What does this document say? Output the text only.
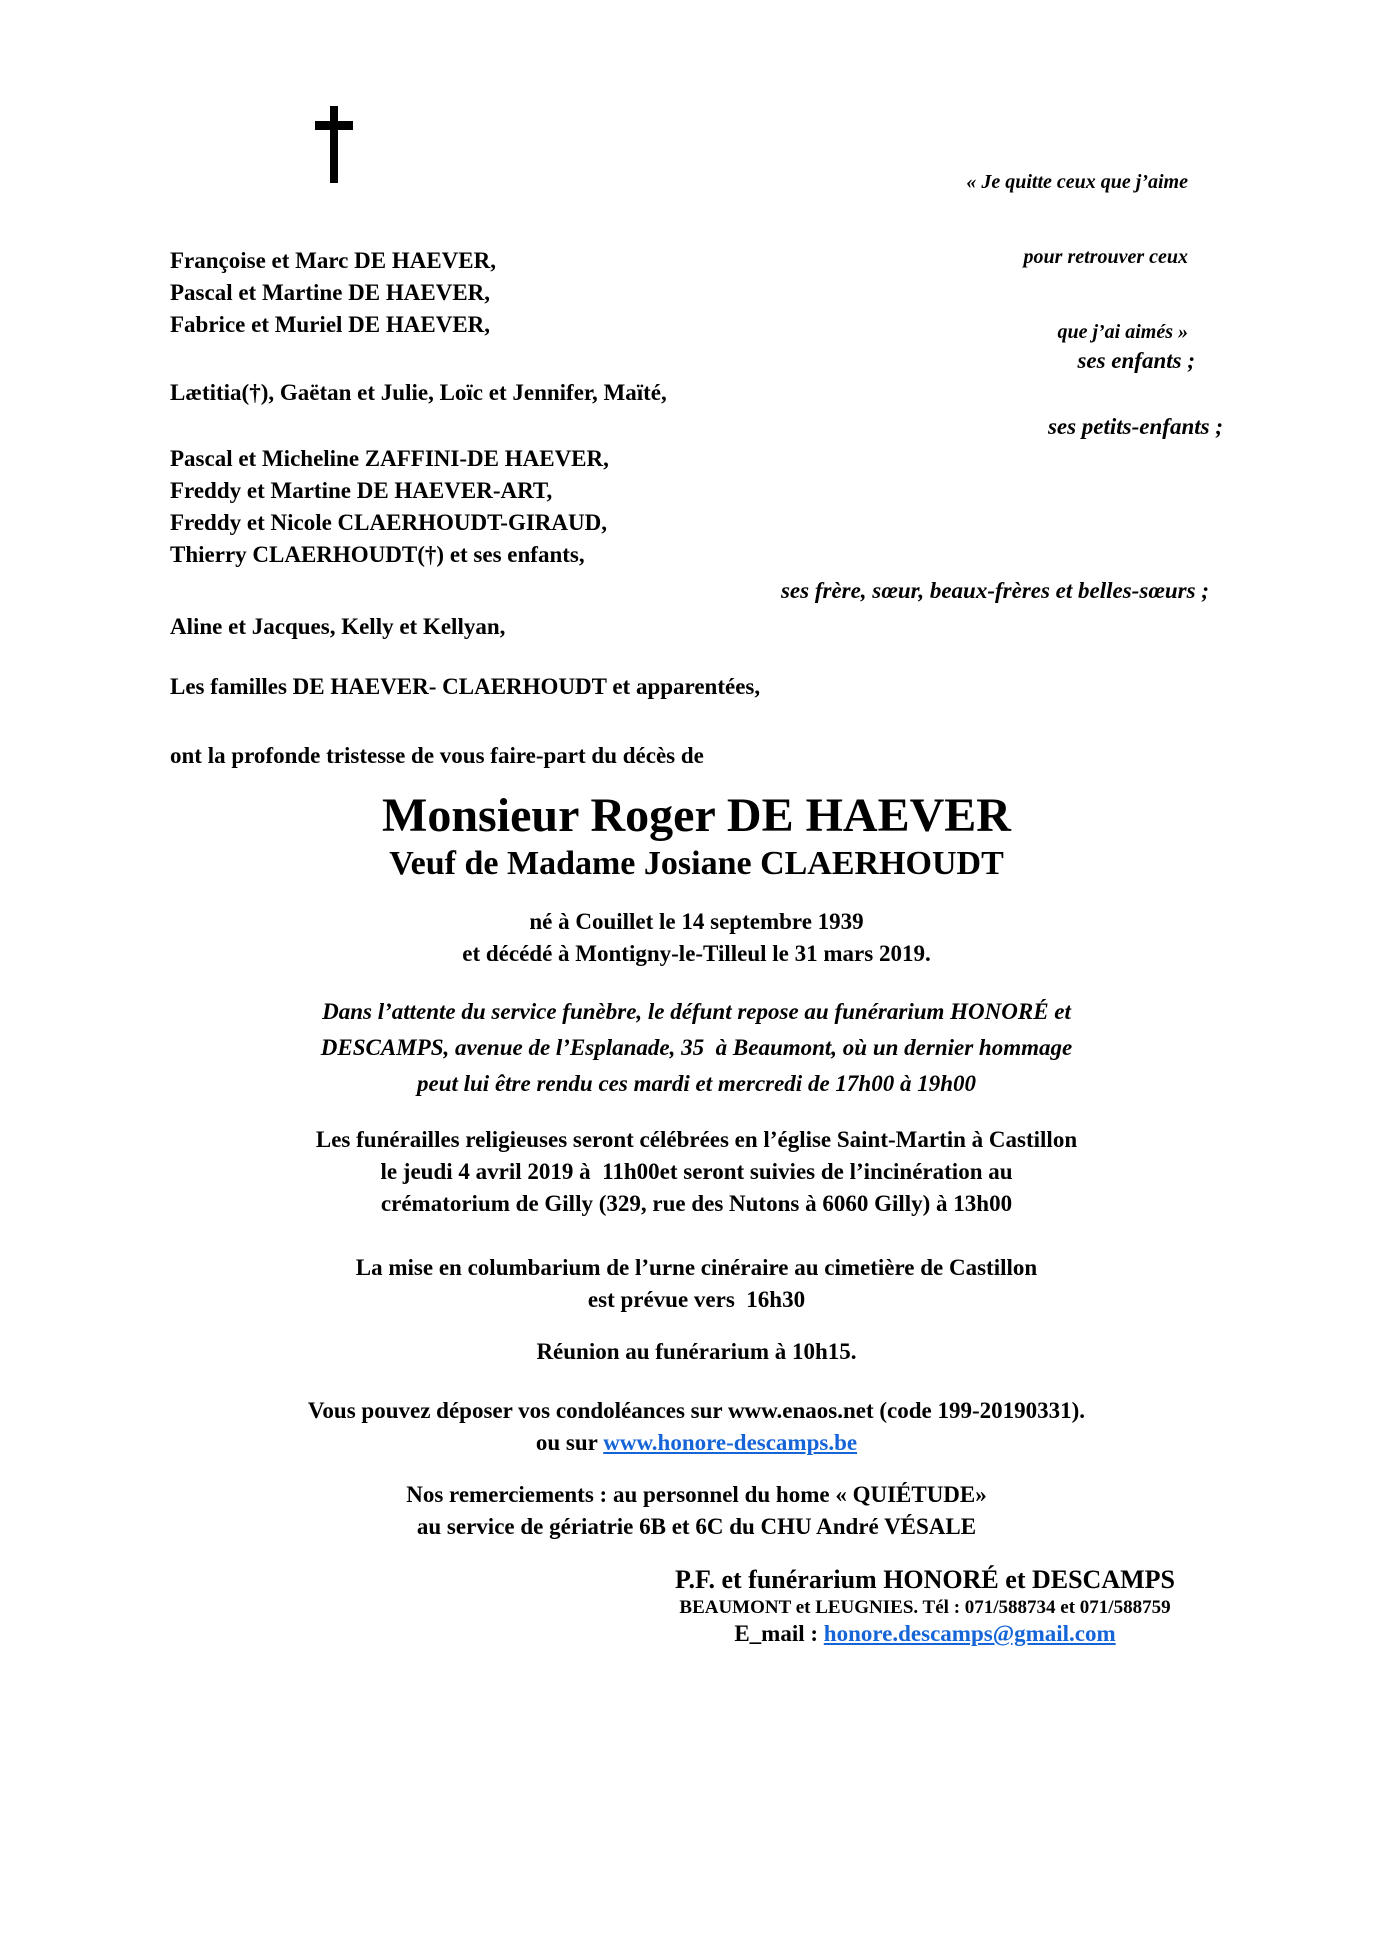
« Je quitte ceux que j’aime

pour retrouver ceux

que j’ai aimés »

Françoise et Marc DE HAEVER,
Pascal et Martine DE HAEVER,
Fabrice et Muriel DE HAEVER,
ses enfants ;
Lætitia(†), Gaëtan et Julie, Loïc et Jennifer, Maïté,
ses petits-enfants ;
Pascal et Micheline ZAFFINI-DE HAEVER,
Freddy et Martine DE HAEVER-ART,
Freddy et Nicole CLAERHOUDT-GIRAUD,
Thierry CLAERHOUDT(†) et ses enfants,
ses frère, sœur, beaux-frères et belles-sœurs ;
Aline et Jacques, Kelly et Kellyan,
Les familles DE HAEVER- CLAERHOUDT et apparentées,
ont la profonde tristesse de vous faire-part du décès de
Monsieur Roger DE HAEVER
Veuf de Madame Josiane CLAERHOUDT
né à Couillet le 14 septembre 1939
et décédé à Montigny-le-Tilleul le 31 mars 2019.
Dans l’attente du service funèbre, le défunt repose au funérarium HONORÉ et
DESCAMPS, avenue de l’Esplanade, 35  à Beaumont, où un dernier hommage
peut lui être rendu ces mardi et mercredi de 17h00 à 19h00
Les funérailles religieuses seront célébrées en l’église Saint-Martin à Castillon
le jeudi 4 avril 2019 à  11h00et seront suivies de l’incinération au
crématorium de Gilly (329, rue des Nutons à 6060 Gilly) à 13h00
La mise en columbarium de l’urne cinéraire au cimetière de Castillon
est prévue vers  16h30
Réunion au funérarium à 10h15.
Vous pouvez déposer vos condoléances sur www.enaos.net (code 199-20190331).
ou sur www.honore-descamps.be
Nos remerciements : au personnel du home « QUIÉTUDE»
au service de gériatrie 6B et 6C du CHU André VÉSALE
P.F. et funérarium HONORÉ et DESCAMPS
BEAUMONT et LEUGNIES. Tél : 071/588734 et 071/588759
E_mail : honore.descamps@gmail.com
